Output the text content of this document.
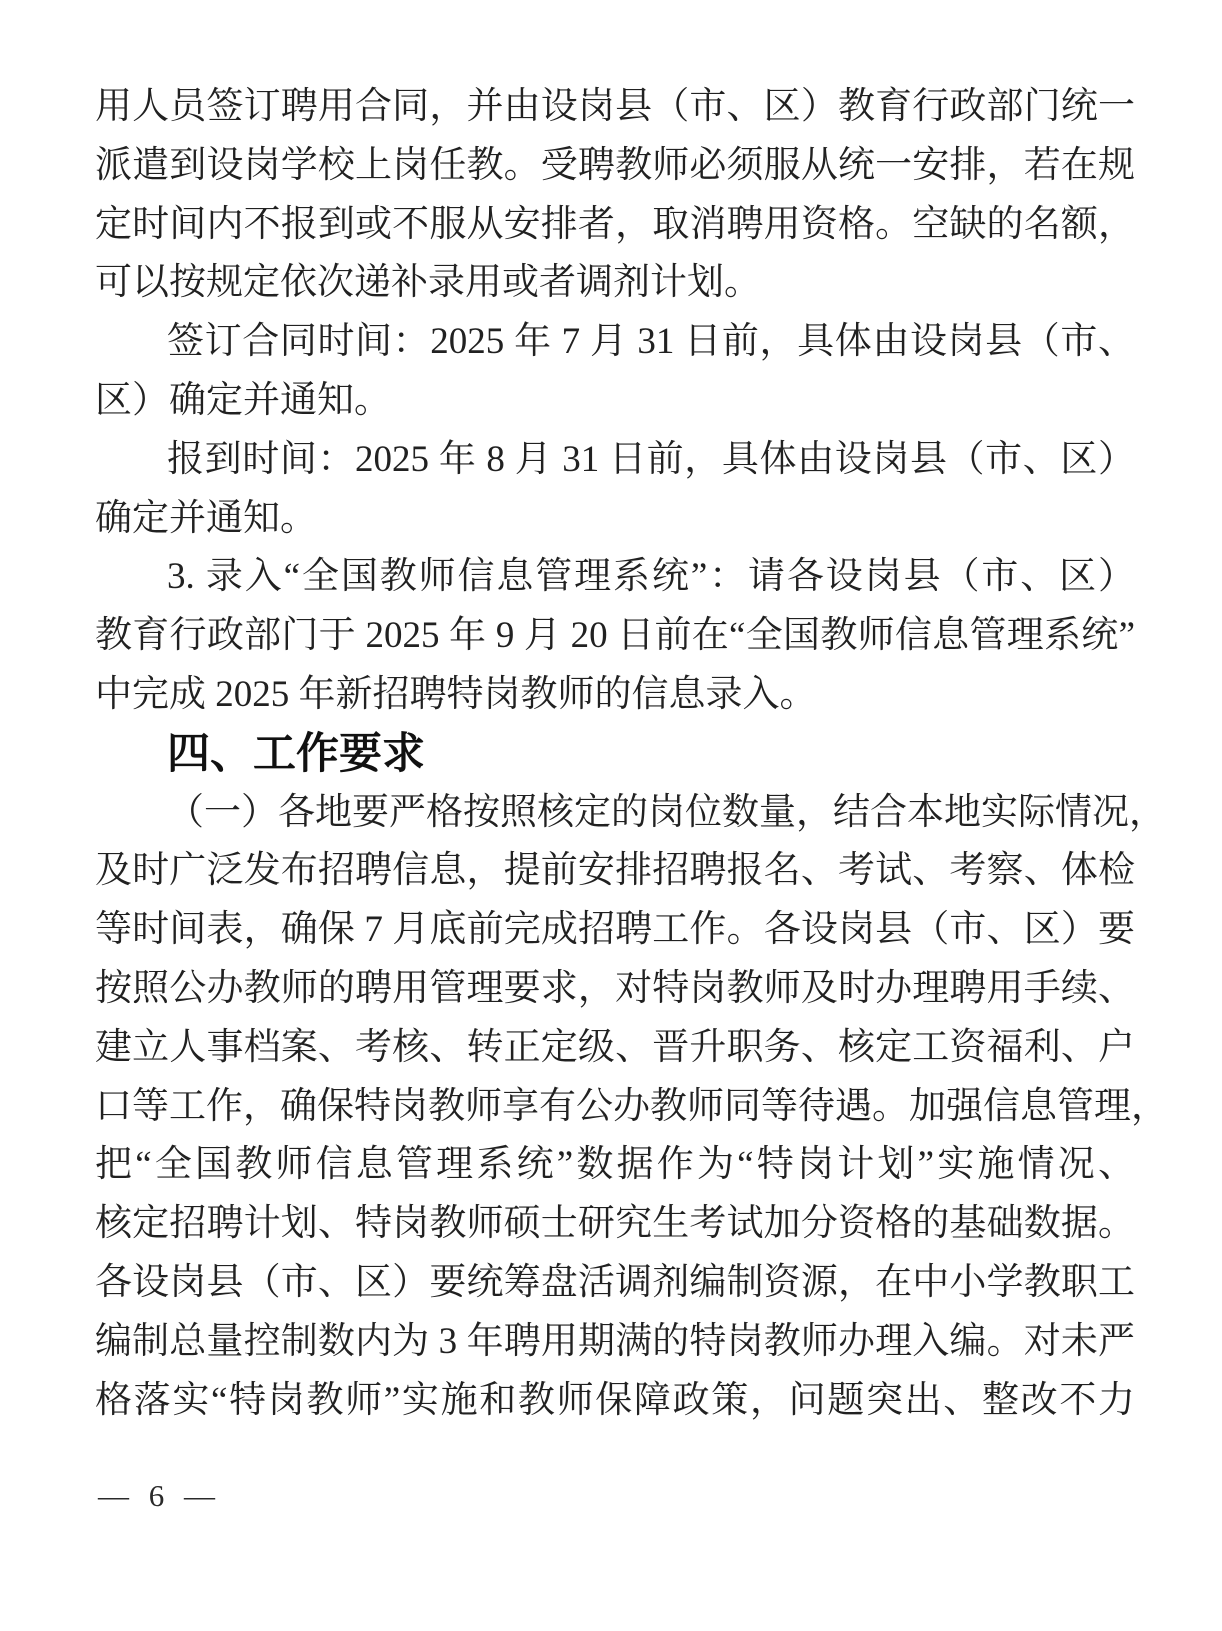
用人员签订聘用合同，并由设岗县（市、区）教育行政部门统一
派遣到设岗学校上岗任教。受聘教师必须服从统一安排，若在规
定时间内不报到或不服从安排者，取消聘用资格。空缺的名额，
可以按规定依次递补录用或者调剂计划。
签订合同时间：2025 年 7 月 31 日前，具体由设岗县（市、
区）确定并通知。
报到时间：2025 年 8 月 31 日前，具体由设岗县（市、区）
确定并通知。
3. 录入“全国教师信息管理系统”：请各设岗县（市、区）
教育行政部门于 2025 年 9 月 20 日前在“全国教师信息管理系统”
中完成 2025 年新招聘特岗教师的信息录入。
四、工作要求
（一）各地要严格按照核定的岗位数量，结合本地实际情况，
及时广泛发布招聘信息，提前安排招聘报名、考试、考察、体检
等时间表，确保 7 月底前完成招聘工作。各设岗县（市、区）要
按照公办教师的聘用管理要求，对特岗教师及时办理聘用手续、
建立人事档案、考核、转正定级、晋升职务、核定工资福利、户
口等工作，确保特岗教师享有公办教师同等待遇。加强信息管理，
把“全国教师信息管理系统”数据作为“特岗计划”实施情况、
核定招聘计划、特岗教师硕士研究生考试加分资格的基础数据。
各设岗县（市、区）要统筹盘活调剂编制资源，在中小学教职工
编制总量控制数内为 3 年聘用期满的特岗教师办理入编。对未严
格落实“特岗教师”实施和教师保障政策，问题突出、整改不力
— 6 —
